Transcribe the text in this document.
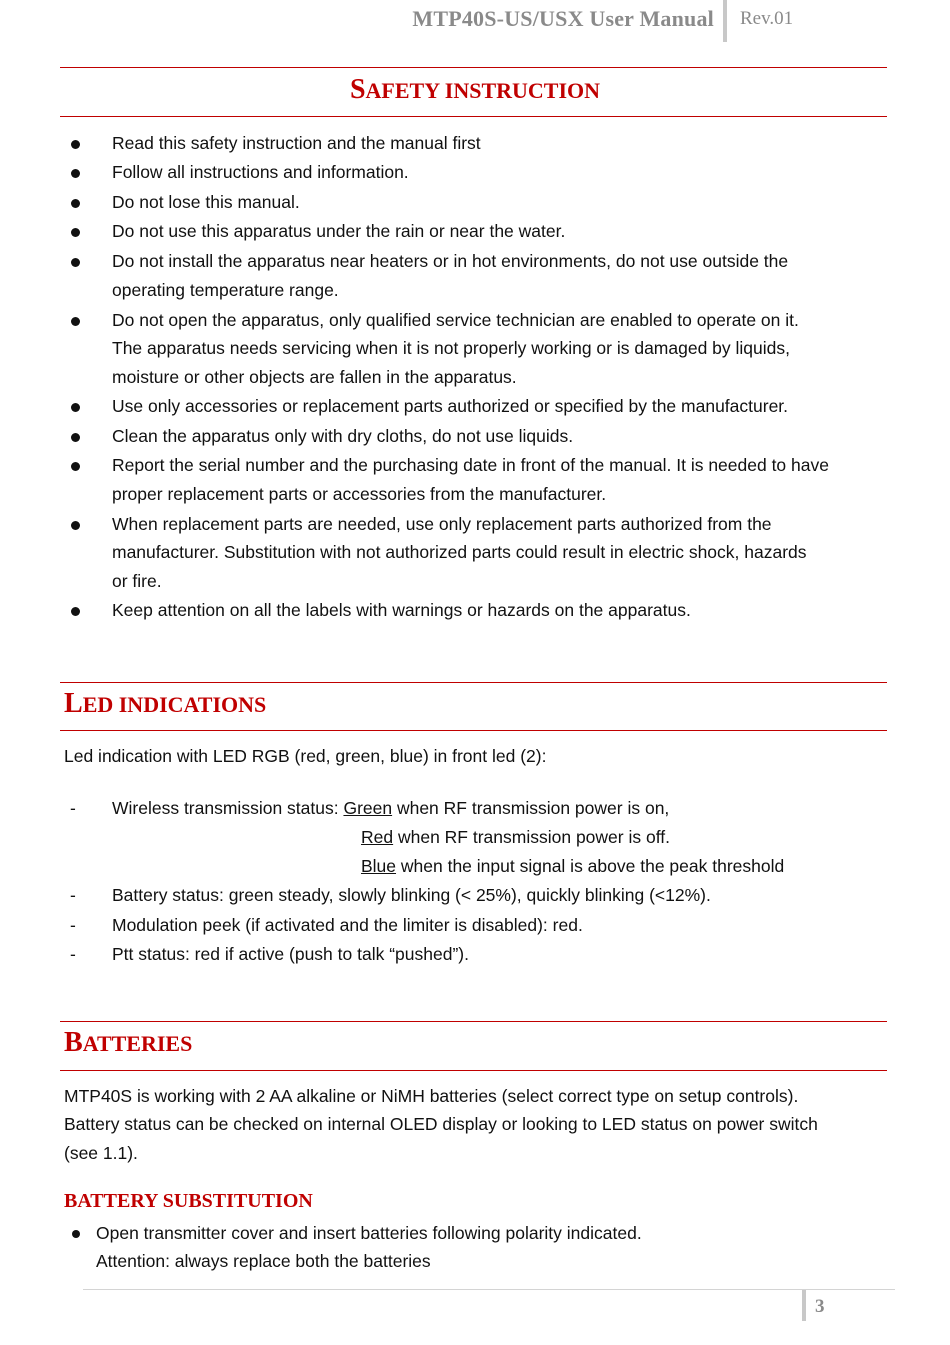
MTP40S-US/USX User Manual Rev.01
SAFETY INSTRUCTION
Read this safety instruction and the manual first
Follow all instructions and information.
Do not lose this manual.
Do not use this apparatus under the rain or near the water.
Do not install the apparatus near heaters or in hot environments, do not use outside the
operating temperature range.
Do not open the apparatus, only qualified service technician are enabled to operate on it.
The apparatus needs servicing when it is not properly working or is damaged by liquids,
moisture or other objects are fallen in the apparatus.
Use only accessories or replacement parts authorized or specified by the manufacturer.
Clean the apparatus only with dry cloths, do not use liquids.
Report the serial number and the purchasing date in front of the manual. It is needed to have
proper replacement parts or accessories from the manufacturer.
When replacement parts are needed, use only replacement parts authorized from the
manufacturer. Substitution with not authorized parts could result in electric shock, hazards
or fire.
Keep attention on all the labels with warnings or hazards on the apparatus.
LED INDICATIONS
Led indication with LED RGB (red, green, blue) in front led (2):
- Wireless transmission status: Green when RF transmission power is on,
Red when RF transmission power is off.
Blue when the input signal is above the peak threshold
- Battery status: green steady, slowly blinking (< 25%), quickly blinking (<12%).
- Modulation peek (if activated and the limiter is disabled): red.
- Ptt status: red if active (push to talk “pushed”).
BATTERIES
MTP40S is working with 2 AA alkaline or NiMH batteries (select correct type on setup controls).
Battery status can be checked on internal OLED display or looking to LED status on power switch
(see 1.1).
BATTERY SUBSTITUTION
Open transmitter cover and insert batteries following polarity indicated.
Attention: always replace both the batteries
3
